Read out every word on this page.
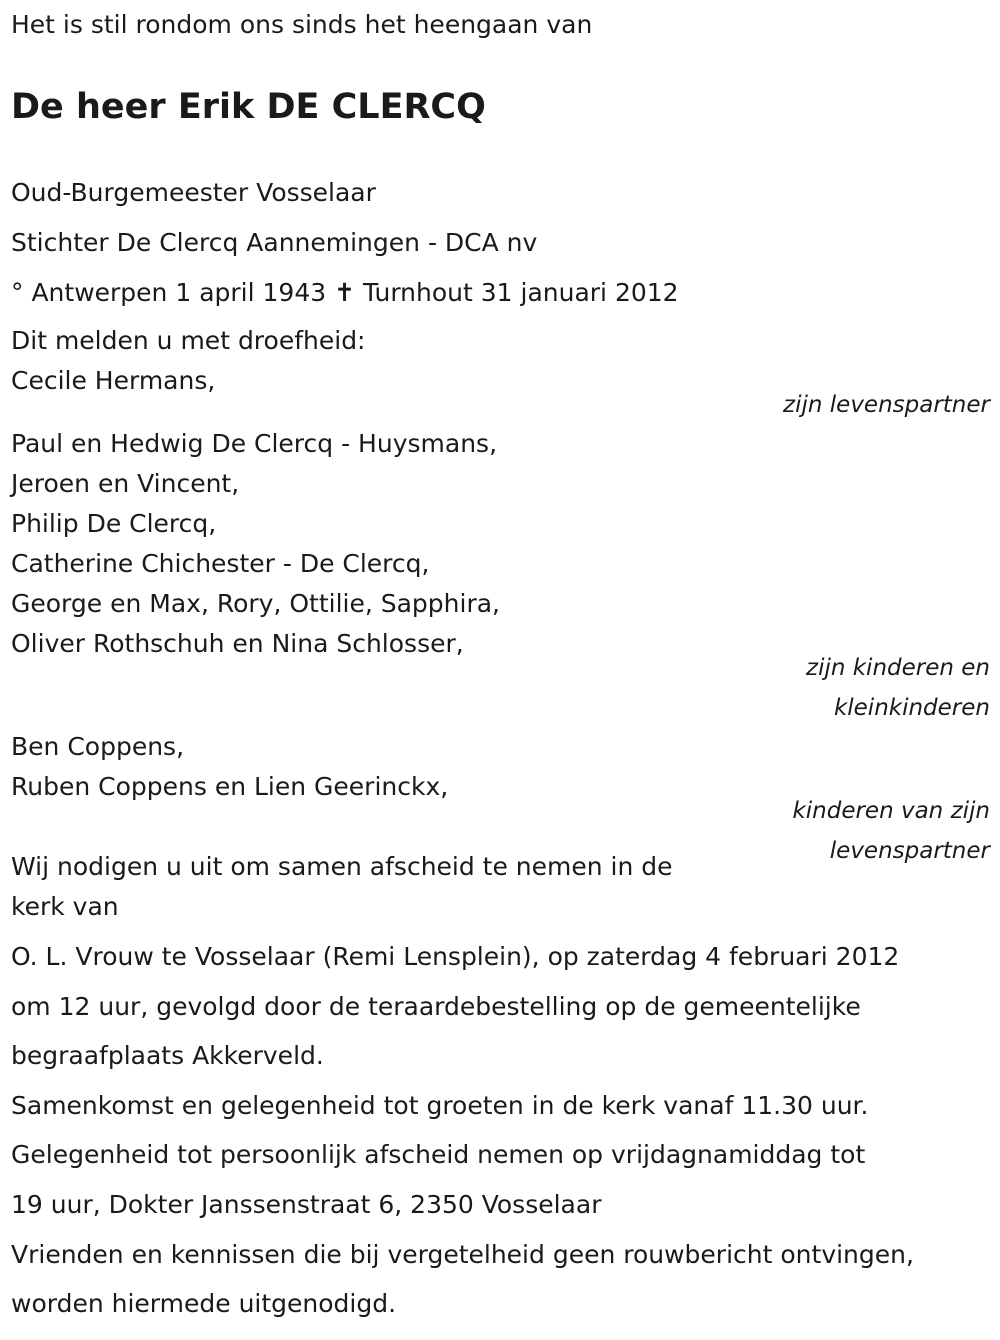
Het is stil rondom ons sinds het heengaan van

De heer Erik DE CLERCQ

Oud-Burgemeester Vosselaar

Stichter De Clercq Aannemingen - DCA nv

° Antwerpen 1 april 1943 ✝ Turnhout 31 januari 2012

Dit melden u met droefheid:

Cecile Hermans,

zijn levenspartner

Paul en Hedwig De Clercq - Huysmans,

Jeroen en Vincent,

Philip De Clercq,

Catherine Chichester - De Clercq,

George en Max, Rory, Ottilie, Sapphira,

Oliver Rothschuh en Nina Schlosser,

zijn kinderen en
kleinkinderen

Ben Coppens,

Ruben Coppens en Lien Geerinckx,

kinderen van zijn
levenspartner

Wij nodigen u uit om samen afscheid te nemen in de

kerk van

O. L. Vrouw te Vosselaar (Remi Lensplein), op zaterdag 4 februari 2012

om 12 uur, gevolgd door de teraardebestelling op de gemeentelijke

begraafplaats Akkerveld.

Samenkomst en gelegenheid tot groeten in de kerk vanaf 11.30 uur.

Gelegenheid tot persoonlijk afscheid nemen op vrijdagnamiddag tot

19 uur, Dokter Janssenstraat 6, 2350 Vosselaar

Vrienden en kennissen die bij vergetelheid geen rouwbericht ontvingen,

worden hiermede uitgenodigd.
